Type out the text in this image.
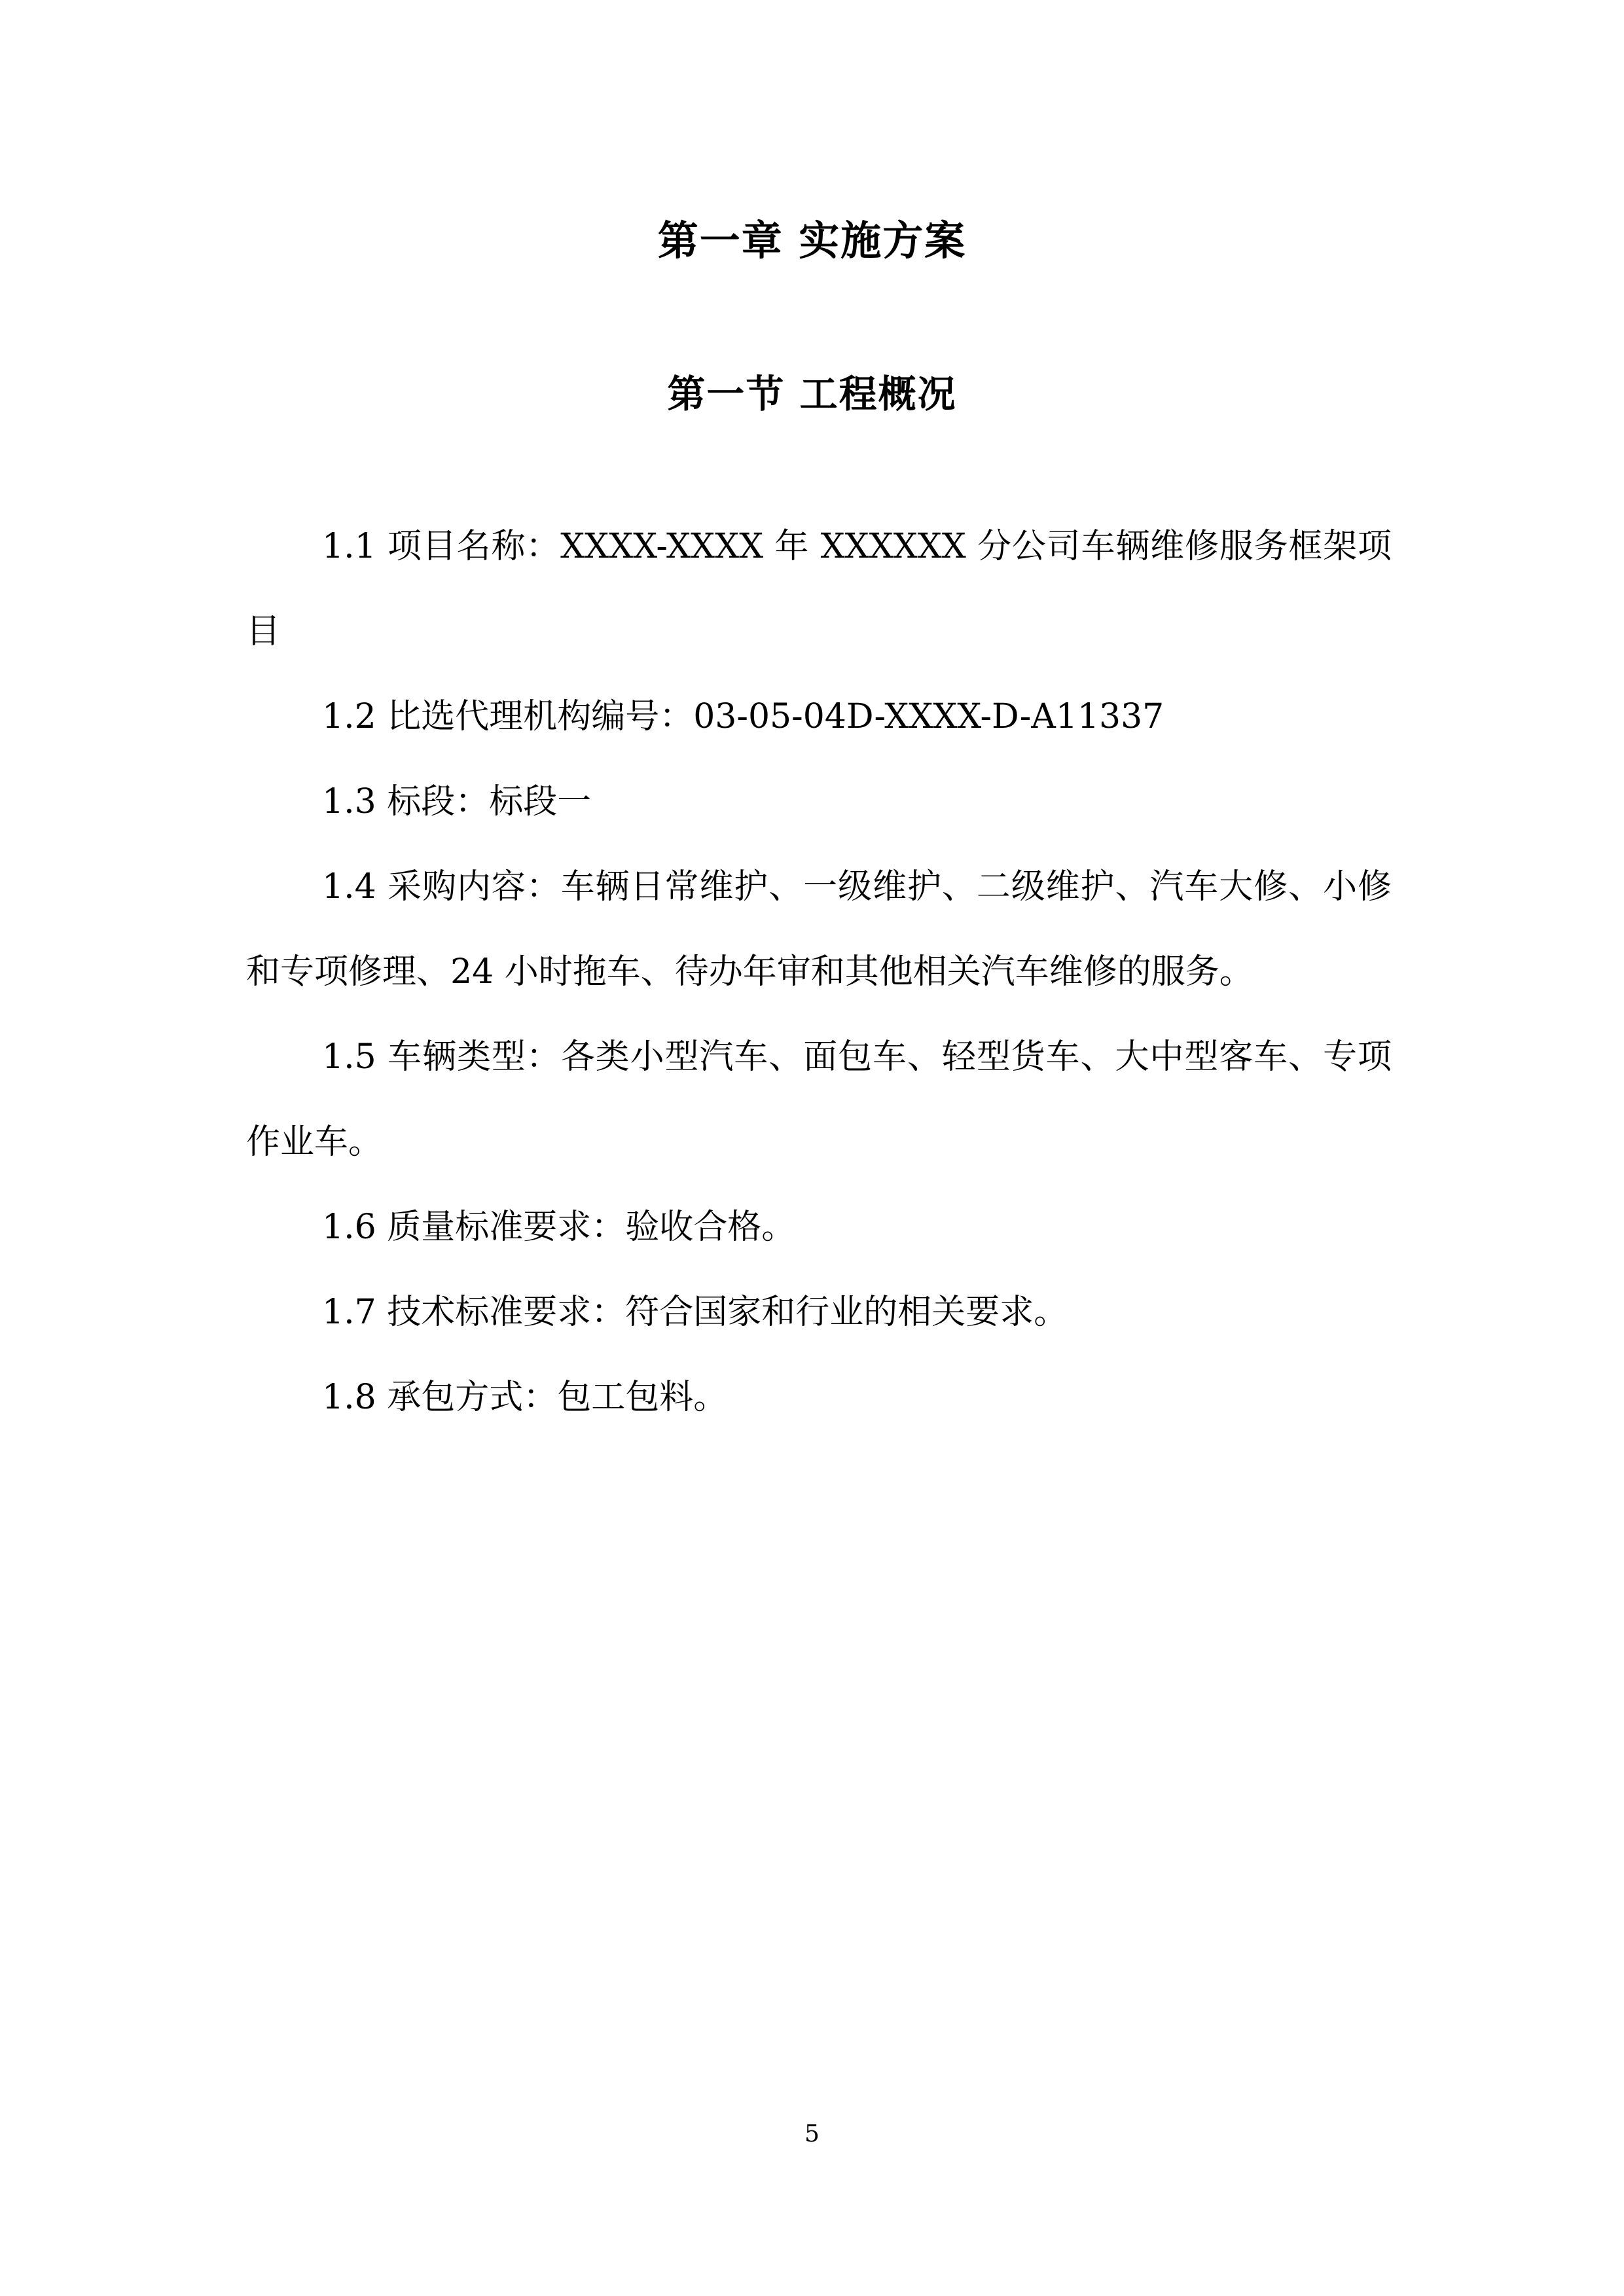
第一章 实施方案
第一节 工程概况

1.1 项目名称：XXXX-XXXX 年 XXXXXX 分公司车辆维修服务框架项目

1.2 比选代理机构编号：03-05-04D-XXXX-D-A11337

1.3 标段：标段一

1.4 采购内容：车辆日常维护、一级维护、二级维护、汽车大修、小修和专项修理、24 小时拖车、待办年审和其他相关汽车维修的服务。

1.5 车辆类型：各类小型汽车、面包车、轻型货车、大中型客车、专项作业车。

1.6 质量标准要求：验收合格。

1.7 技术标准要求：符合国家和行业的相关要求。

1.8 承包方式：包工包料。

5
